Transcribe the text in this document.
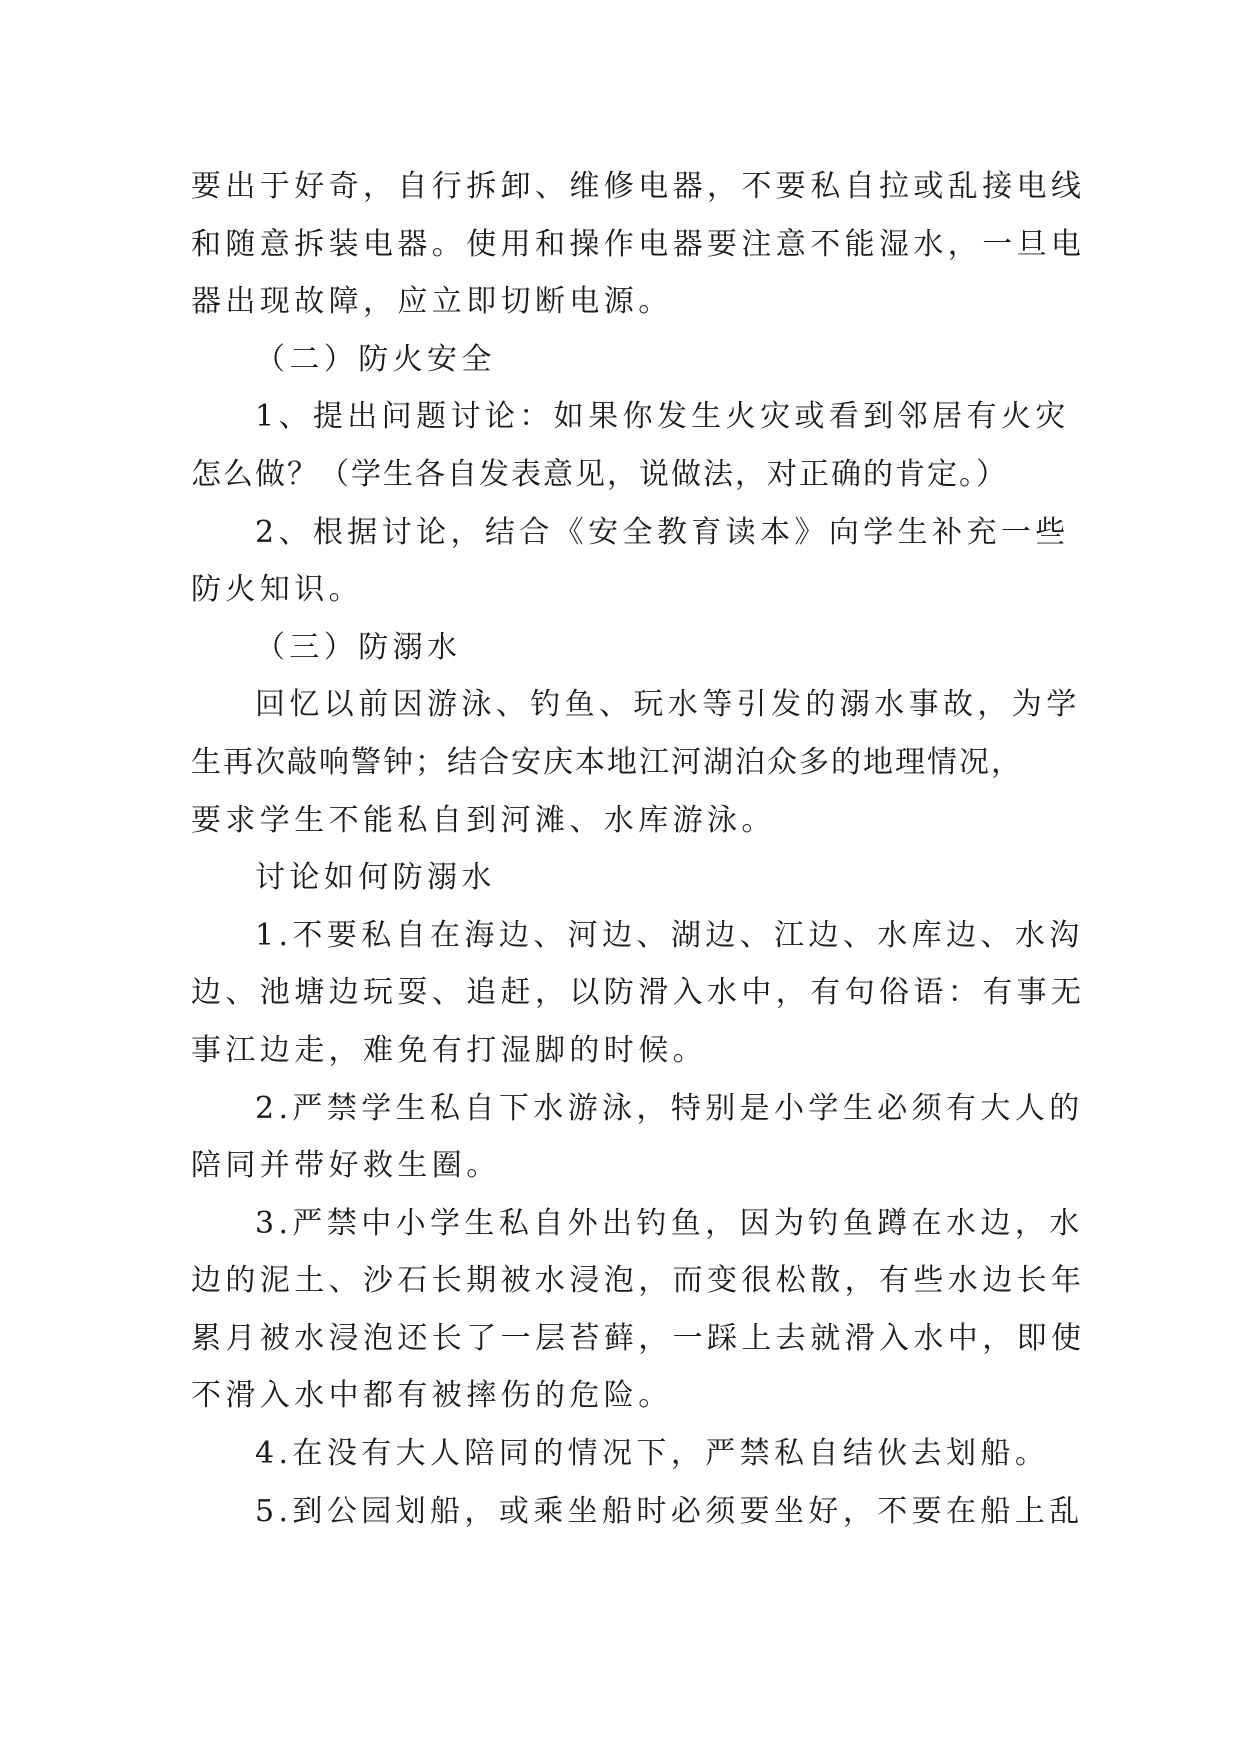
要出于好奇，自行拆卸、维修电器，不要私自拉或乱接电线
和随意拆装电器。使用和操作电器要注意不能湿水，一旦电
器出现故障，应立即切断电源。
（二）防火安全
1、提出问题讨论：如果你发生火灾或看到邻居有火灾
怎么做？（学生各自发表意见，说做法，对正确的肯定。）
2、根据讨论，结合《安全教育读本》向学生补充一些
防火知识。
（三）防溺水
回忆以前因游泳、钓鱼、玩水等引发的溺水事故，为学
生再次敲响警钟；结合安庆本地江河湖泊众多的地理情况，
要求学生不能私自到河滩、水库游泳。
讨论如何防溺水
1.不要私自在海边、河边、湖边、江边、水库边、水沟
边、池塘边玩耍、追赶，以防滑入水中，有句俗语：有事无
事江边走，难免有打湿脚的时候。
2.严禁学生私自下水游泳，特别是小学生必须有大人的
陪同并带好救生圈。
3.严禁中小学生私自外出钓鱼，因为钓鱼蹲在水边，水
边的泥土、沙石长期被水浸泡，而变很松散，有些水边长年
累月被水浸泡还长了一层苔藓，一踩上去就滑入水中，即使
不滑入水中都有被摔伤的危险。
4.在没有大人陪同的情况下，严禁私自结伙去划船。
5.到公园划船，或乘坐船时必须要坐好，不要在船上乱
